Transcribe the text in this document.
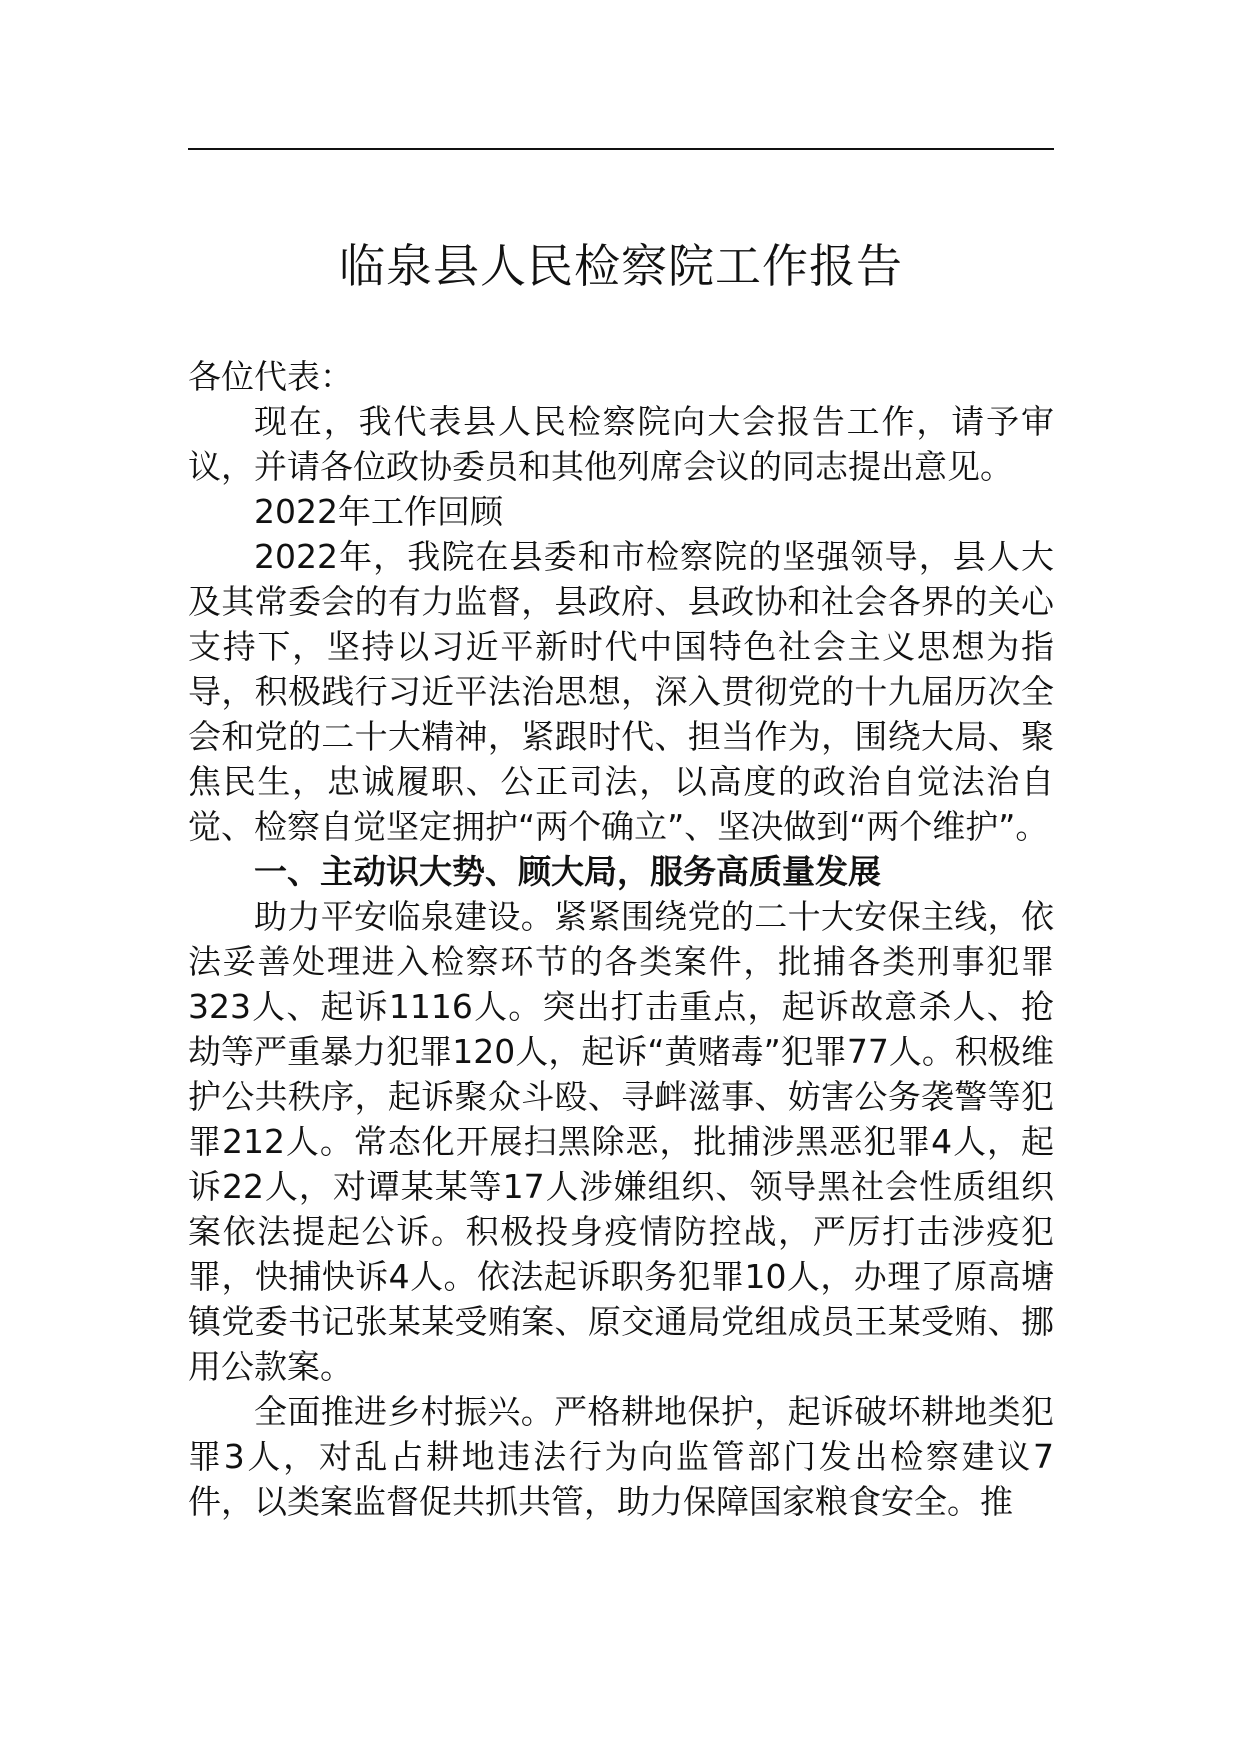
临泉县人民检察院工作报告

各位代表：

现在，我代表县人民检察院向大会报告工作，请予审议，并请各位政协委员和其他列席会议的同志提出意见。

2022年工作回顾

2022年，我院在县委和市检察院的坚强领导，县人大及其常委会的有力监督，县政府、县政协和社会各界的关心支持下，坚持以习近平新时代中国特色社会主义思想为指导，积极践行习近平法治思想，深入贯彻党的十九届历次全会和党的二十大精神，紧跟时代、担当作为，围绕大局、聚焦民生，忠诚履职、公正司法，以高度的政治自觉法治自觉、检察自觉坚定拥护“两个确立”、坚决做到“两个维护”。

一、主动识大势、顾大局，服务高质量发展

助力平安临泉建设。紧紧围绕党的二十大安保主线，依法妥善处理进入检察环节的各类案件，批捕各类刑事犯罪323人、起诉1116人。突出打击重点，起诉故意杀人、抢劫等严重暴力犯罪120人，起诉“黄赌毒”犯罪77人。积极维护公共秩序，起诉聚众斗殴、寻衅滋事、妨害公务袭警等犯罪212人。常态化开展扫黑除恶，批捕涉黑恶犯罪4人，起诉22人，对谭某某等17人涉嫌组织、领导黑社会性质组织案依法提起公诉。积极投身疫情防控战，严厉打击涉疫犯罪，快捕快诉4人。依法起诉职务犯罪10人，办理了原高塘镇党委书记张某某受贿案、原交通局党组成员王某受贿、挪用公款案。

全面推进乡村振兴。严格耕地保护，起诉破坏耕地类犯罪3人，对乱占耕地违法行为向监管部门发出检察建议7件，以类案监督促共抓共管，助力保障国家粮食安全。推
